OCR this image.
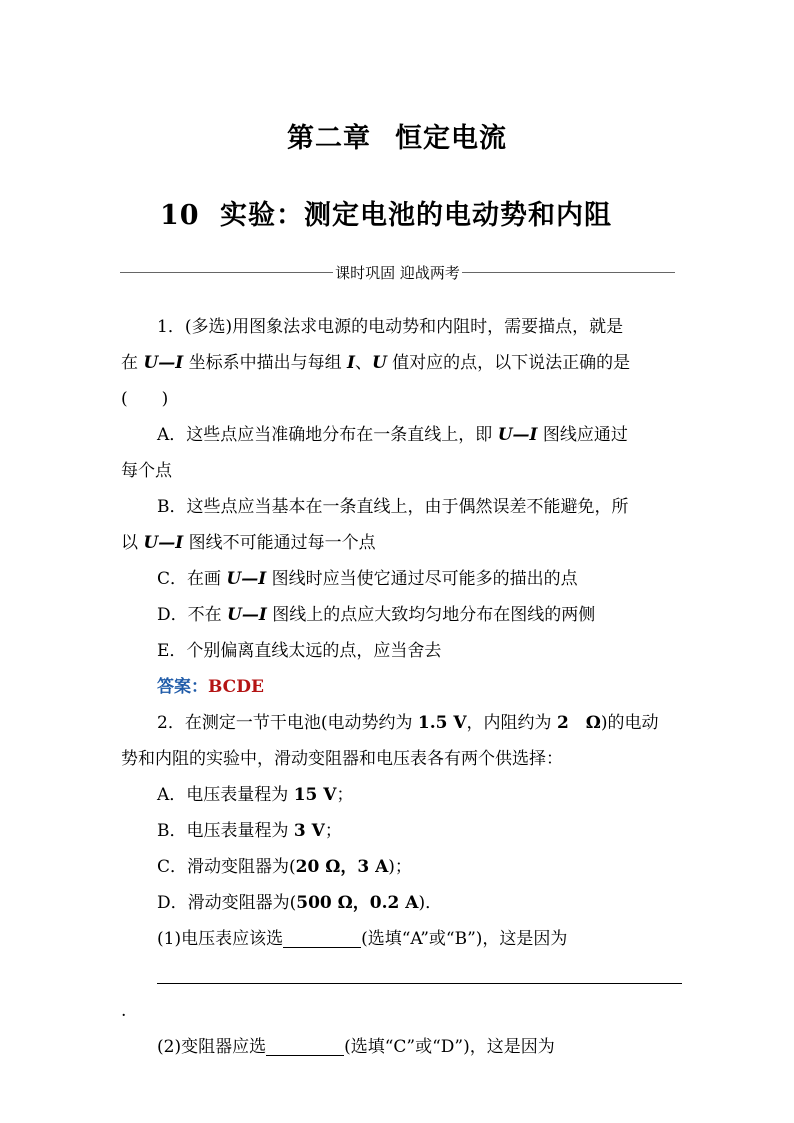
第二章 恒定电流
10 实验：测定电池的电动势和内阻
课时巩固 迎战两考

1．(多选)用图象法求电源的电动势和内阻时，需要描点，就是

在 U—I 坐标系中描出与每组 I、U 值对应的点，以下说法正确的是

(　　)

A．这些点应当准确地分布在一条直线上，即 U—I 图线应通过

每个点

B．这些点应当基本在一条直线上，由于偶然误差不能避免，所

以 U—I 图线不可能通过每一个点

C．在画 U—I 图线时应当使它通过尽可能多的描出的点

D．不在 U—I 图线上的点应大致均匀地分布在图线的两侧

E．个别偏离直线太远的点，应当舍去

答案：BCDE

2．在测定一节干电池(电动势约为 1.5 V，内阻约为 2　Ω)的电动

势和内阻的实验中，滑动变阻器和电压表各有两个供选择：

A．电压表量程为 15 V；

B．电压表量程为 3 V；

C．滑动变阻器为(20 Ω，3 A)；

D．滑动变阻器为(500 Ω，0.2 A)．

(1)电压表应该选	(选填“A”或“B”)，这是因为

.

(2)变阻器应选	(选填“C”或“D”)，这是因为
